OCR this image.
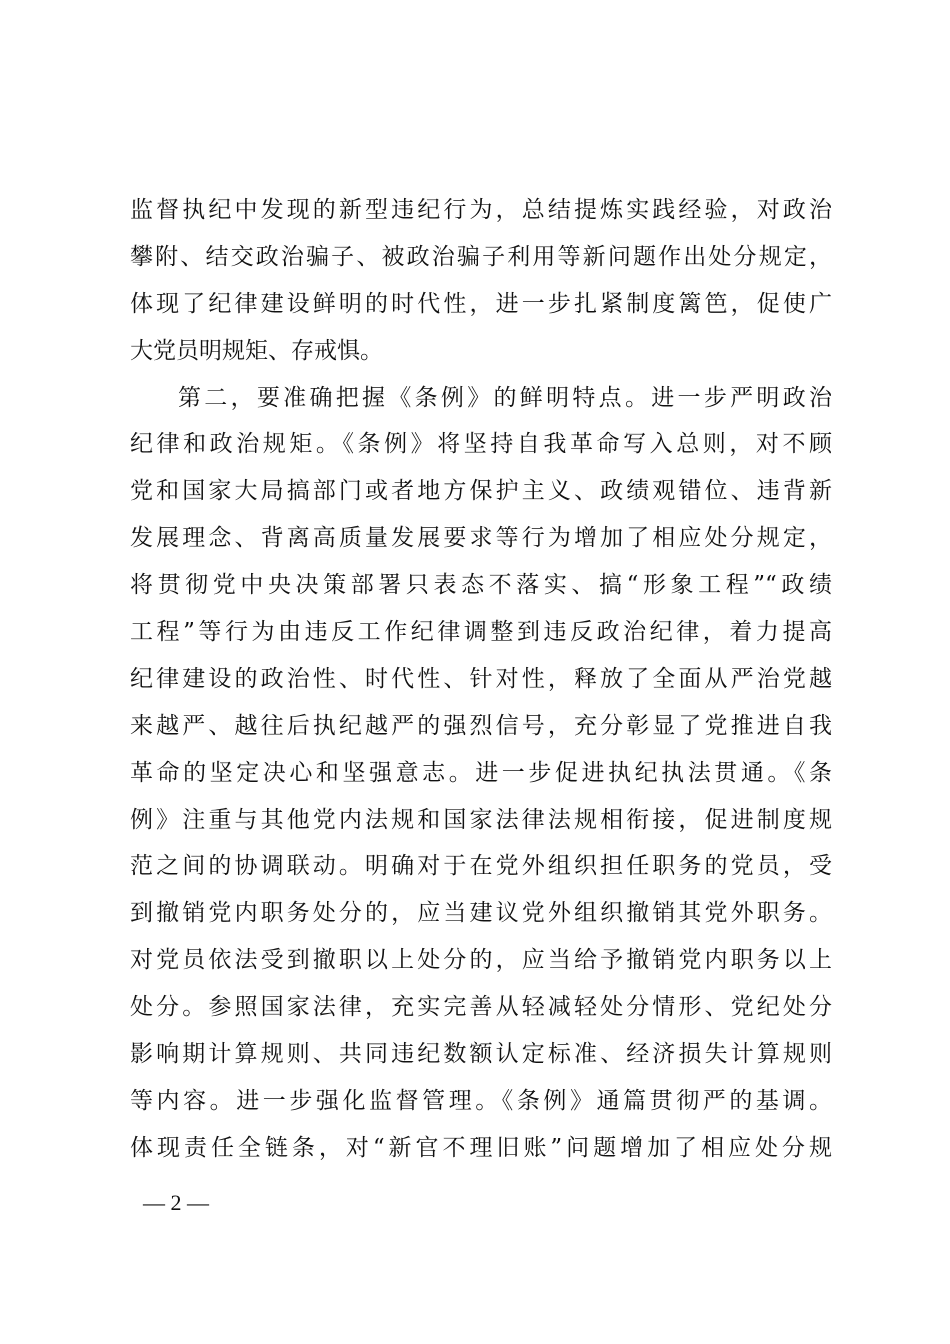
监督执纪中发现的新型违纪行为，总结提炼实践经验，对政治
攀附、结交政治骗子、被政治骗子利用等新问题作出处分规定，
体现了纪律建设鲜明的时代性，进一步扎紧制度篱笆，促使广
大党员明规矩、存戒惧。
第二，要准确把握《条例》的鲜明特点。进一步严明政治
纪律和政治规矩。《条例》将坚持自我革命写入总则，对不顾
党和国家大局搞部门或者地方保护主义、政绩观错位、违背新
发展理念、背离高质量发展要求等行为增加了相应处分规定，
将贯彻党中央决策部署只表态不落实、搞“形象工程”“政绩
工程”等行为由违反工作纪律调整到违反政治纪律，着力提高
纪律建设的政治性、时代性、针对性，释放了全面从严治党越
来越严、越往后执纪越严的强烈信号，充分彰显了党推进自我
革命的坚定决心和坚强意志。进一步促进执纪执法贯通。《条
例》注重与其他党内法规和国家法律法规相衔接，促进制度规
范之间的协调联动。明确对于在党外组织担任职务的党员，受
到撤销党内职务处分的，应当建议党外组织撤销其党外职务。
对党员依法受到撤职以上处分的，应当给予撤销党内职务以上
处分。参照国家法律，充实完善从轻减轻处分情形、党纪处分
影响期计算规则、共同违纪数额认定标准、经济损失计算规则
等内容。进一步强化监督管理。《条例》通篇贯彻严的基调。
体现责任全链条，对“新官不理旧账”问题增加了相应处分规
— 2 —
